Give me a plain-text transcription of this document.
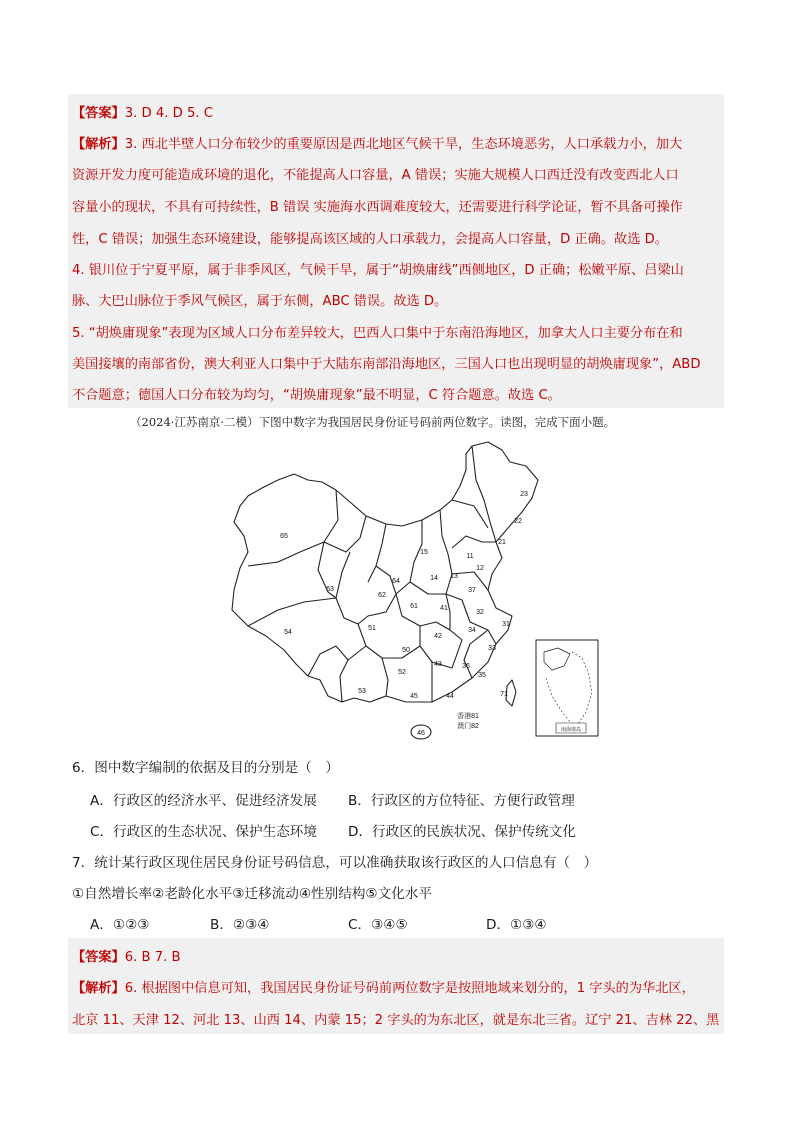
【答案】3. D 4. D 5. C
【解析】3. 西北半壁人口分布较少的重要原因是西北地区气候干旱，生态环境恶劣，人口承载力小，加大
资源开发力度可能造成环境的退化，不能提高人口容量，A 错误；实施大规模人口西迁没有改变西北人口
容量小的现状，不具有可持续性，B 错误 实施海水西调难度较大，还需要进行科学论证，暂不具备可操作
性，C 错误；加强生态环境建设，能够提高该区域的人口承载力，会提高人口容量，D 正确。故选 D。
4. 银川位于宁夏平原，属于非季风区，气候干旱，属于“胡焕庸线”西侧地区，D 正确；松嫩平原、吕梁山
脉、大巴山脉位于季风气候区，属于东侧，ABC 错误。故选 D。
5. “胡焕庸现象”表现为区域人口分布差异较大，巴西人口集中于东南沿海地区，加拿大人口主要分布在和
美国接壤的南部省份，澳大利亚人口集中于大陆东南部沿海地区，三国人口也出现明显的胡焕庸现象”，ABD
不合题意；德国人口分布较为均匀，“胡焕庸现象”最不明显，C 符合题意。故选 C。
（2024·江苏南京·二模）下图中数字为我国居民身份证号码前两位数字。读图，完成下面小题。
23
22
65
15
21
11
12
14 13
64
62
63
61	41
37
32
31
54
51
50
42
34
33
52
43	36
35
71
53
45	44
46
香港81
澳门82	南海诸岛
6．图中数字编制的依据及目的分别是（　）
A．行政区的经济水平、促进经济发展 B．行政区的方位特征、方便行政管理
C．行政区的生态状况、保护生态环境 D．行政区的民族状况、保护传统文化
7．统计某行政区现住居民身份证号码信息，可以准确获取该行政区的人口信息有（　）
①自然增长率②老龄化水平③迁移流动④性别结构⑤文化水平
A．①②③	B．②③④	C．③④⑤	D．①③④
【答案】6. B 7. B
【解析】6. 根据图中信息可知，我国居民身份证号码前两位数字是按照地域来划分的，1 字头的为华北区，
北京 11、天津 12、河北 13、山西 14、内蒙 15；2 字头的为东北区，就是东北三省。辽宁 21、吉林 22、黑
